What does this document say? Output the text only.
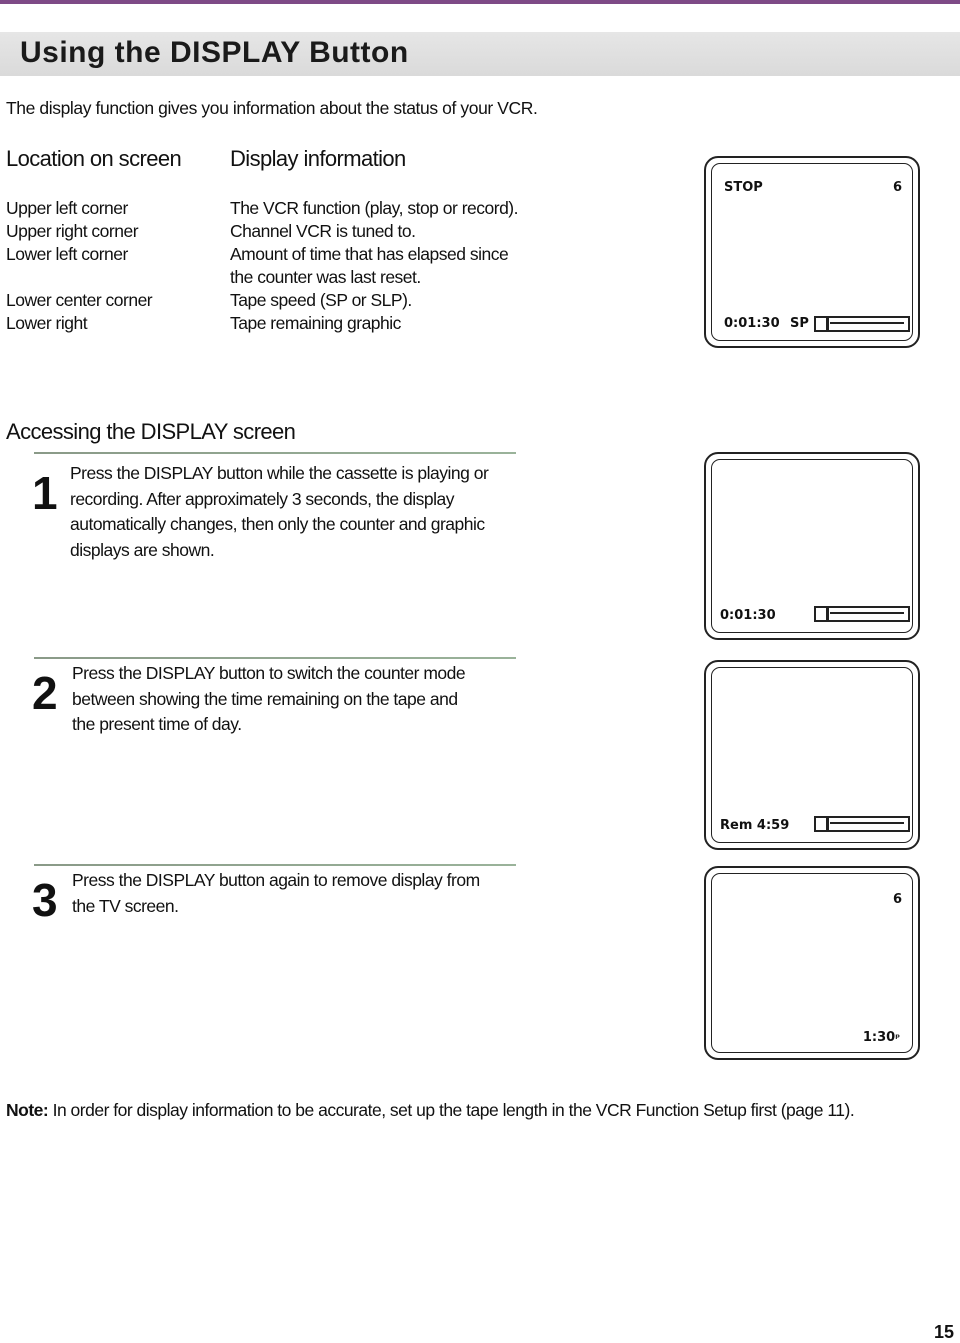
Using the DISPLAY Button
The display function gives you information about the status of your VCR.
Location on screen Display information
Upper left corner
Upper right corner
Lower left corner
Lower center corner
Lower right
The VCR function (play, stop or record).
Channel VCR is tuned to.
Amount of time that has elapsed since
the counter was last reset.
Tape speed (SP or SLP).
Tape remaining graphic
STOP	6
0:01:30 SP
Accessing the DISPLAY screen
1 Press the DISPLAY button while the cassette is playing or
recording. After approximately 3 seconds, the display
automatically changes, then only the counter and graphic
displays are shown.
0:01:30
2 Press the DISPLAY button to switch the counter mode
between showing the time remaining on the tape and
the present time of day.
Rem 4:59
3 Press the DISPLAY button again to remove display from
the TV screen.	6
1:30ᵖ
Note: In order for display information to be accurate, set up the tape length in the VCR Function Setup first (page 11).
15
